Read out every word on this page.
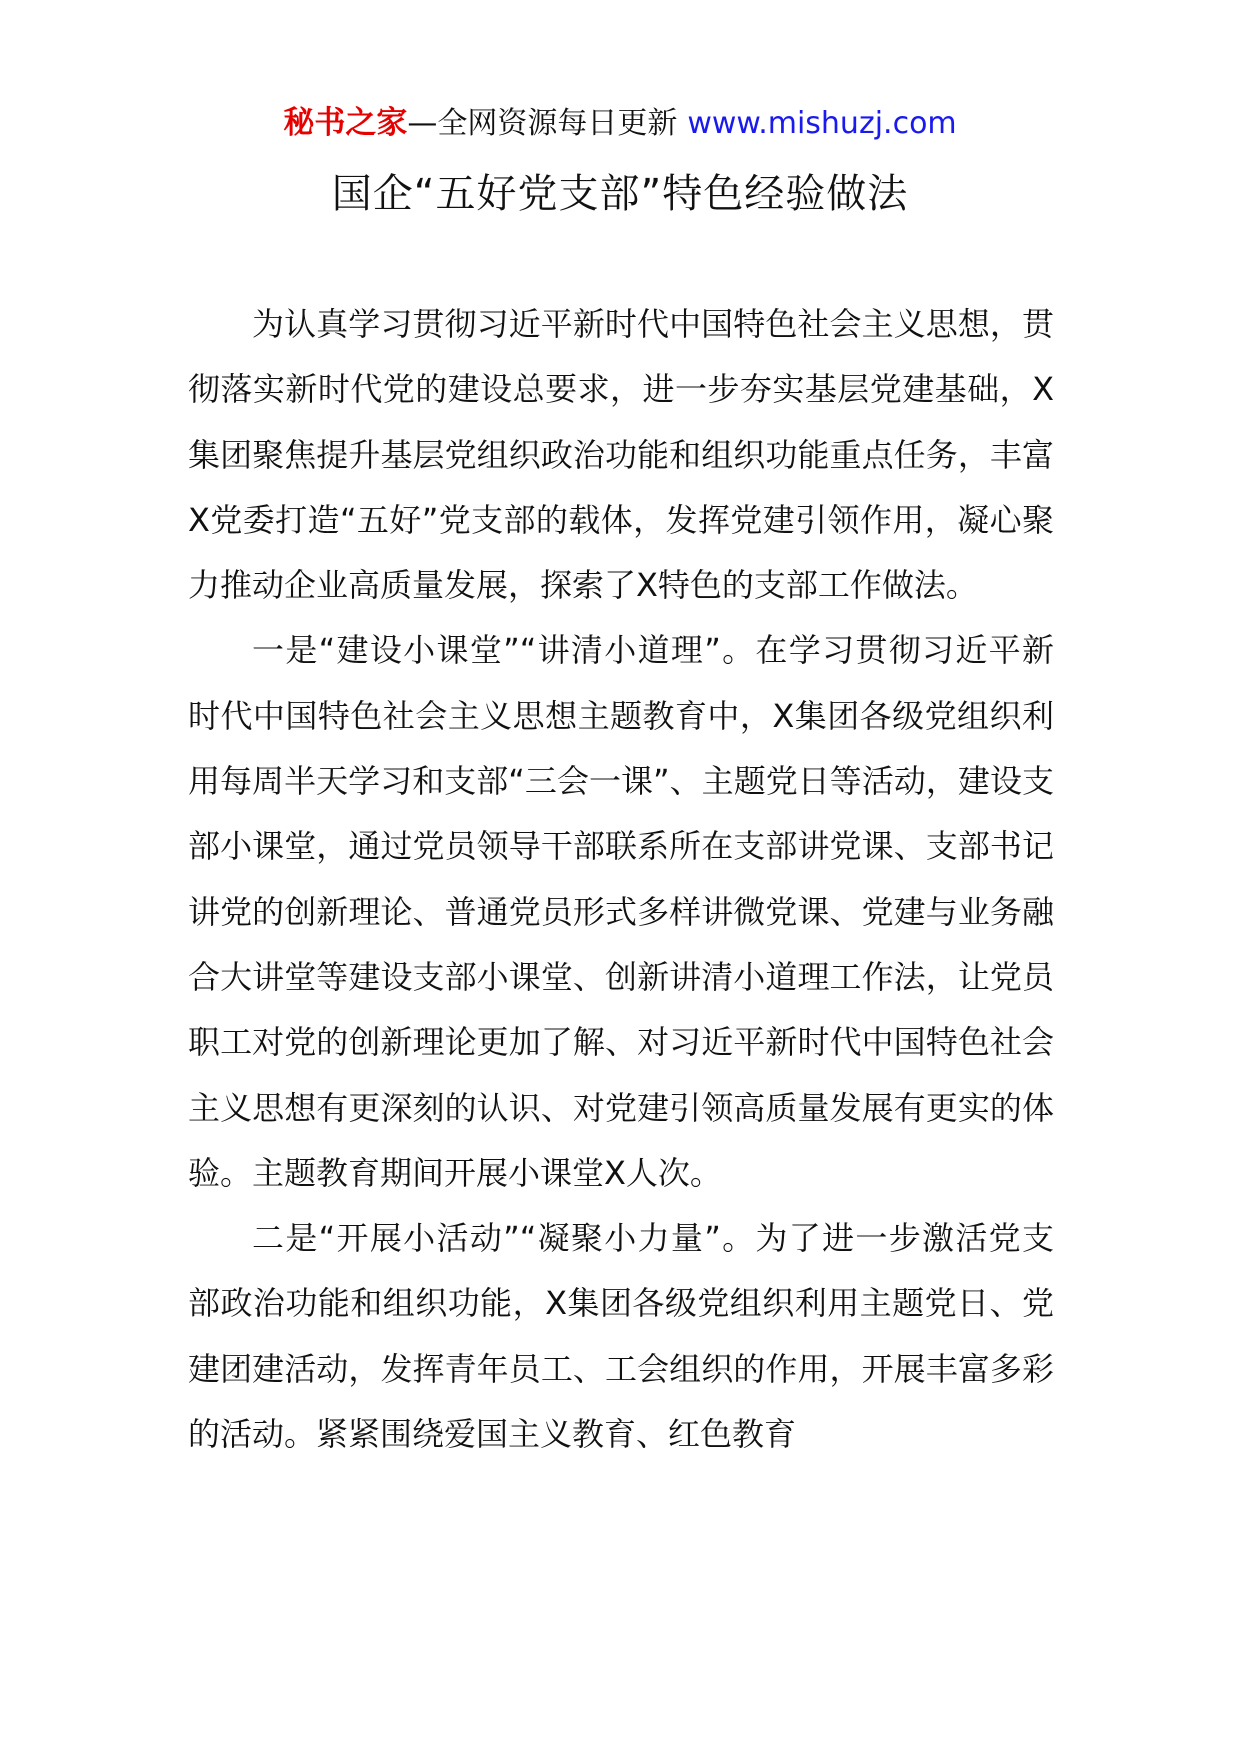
秘书之家—全网资源每日更新 www.mishuzj.com
国企“五好党支部”特色经验做法

为认真学习贯彻习近平新时代中国特色社会主义思想，贯彻落实新时代党的建设总要求，进一步夯实基层党建基础，X集团聚焦提升基层党组织政治功能和组织功能重点任务，丰富X党委打造“五好”党支部的载体，发挥党建引领作用，凝心聚力推动企业高质量发展，探索了X特色的支部工作做法。

一是“建设小课堂”“讲清小道理”。在学习贯彻习近平新时代中国特色社会主义思想主题教育中，X集团各级党组织利用每周半天学习和支部“三会一课”、主题党日等活动，建设支部小课堂，通过党员领导干部联系所在支部讲党课、支部书记讲党的创新理论、普通党员形式多样讲微党课、党建与业务融合大讲堂等建设支部小课堂、创新讲清小道理工作法，让党员职工对党的创新理论更加了解、对习近平新时代中国特色社会主义思想有更深刻的认识、对党建引领高质量发展有更实的体验。主题教育期间开展小课堂X人次。

二是“开展小活动”“凝聚小力量”。为了进一步激活党支部政治功能和组织功能，X集团各级党组织利用主题党日、党建团建活动，发挥青年员工、工会组织的作用，开展丰富多彩的活动。紧紧围绕爱国主义教育、红色教育
